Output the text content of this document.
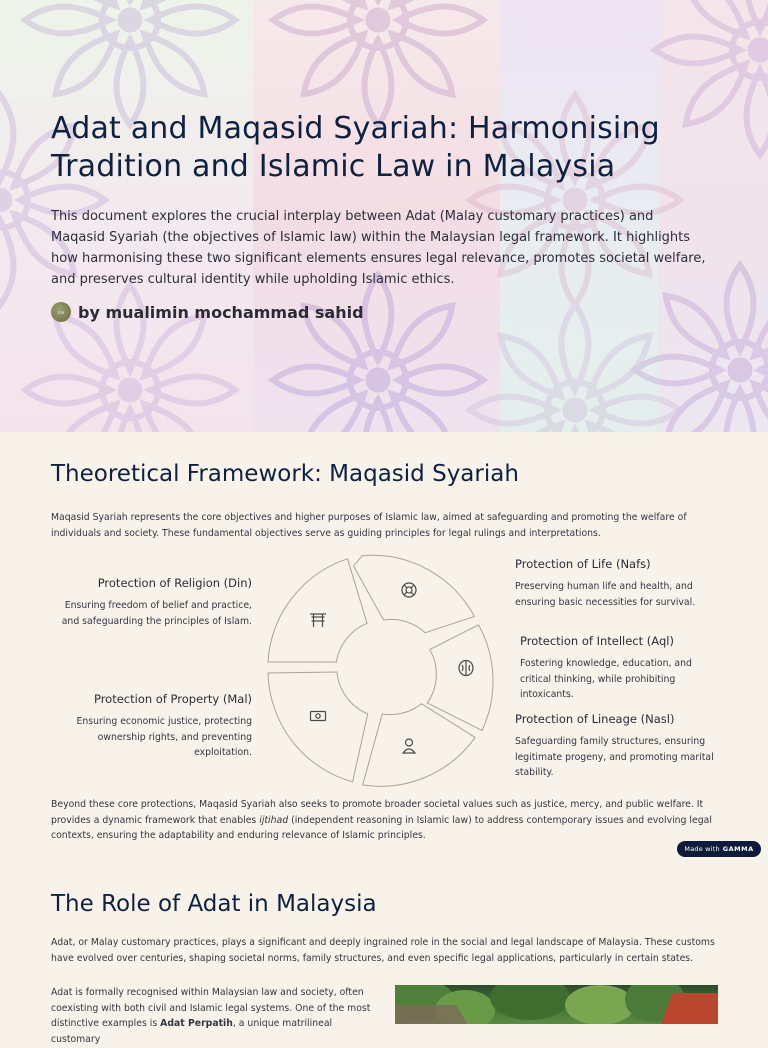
Adat and Maqasid Syariah: Harmonising Tradition and Islamic Law in Malaysia

This document explores the crucial interplay between Adat (Malay customary practices) and Maqasid Syariah (the objectives of Islamic law) within the Malaysian legal framework. It highlights how harmonising these two significant elements ensures legal relevance, promotes societal welfare, and preserves cultural identity while upholding Islamic ethics.

mo by mualimin mochammad sahid
Theoretical Framework: Maqasid Syariah

Maqasid Syariah represents the core objectives and higher purposes of Islamic law, aimed at safeguarding and promoting the welfare of individuals and society. These fundamental objectives serve as guiding principles for legal rulings and interpretations.

Protection of Religion (Din)

Ensuring freedom of belief and practice, and safeguarding the principles of Islam.

Protection of Property (Mal)

Ensuring economic justice, protecting ownership rights, and preventing exploitation.

Protection of Life (Nafs)

Preserving human life and health, and ensuring basic necessities for survival.

Protection of Intellect (Aql)

Fostering knowledge, education, and critical thinking, while prohibiting intoxicants.

Protection of Lineage (Nasl)

Safeguarding family structures, ensuring legitimate progeny, and promoting marital stability.

Beyond these core protections, Maqasid Syariah also seeks to promote broader societal values such as justice, mercy, and public welfare. It provides a dynamic framework that enables ijtihad (independent reasoning in Islamic law) to address contemporary issues and evolving legal contexts, ensuring the adaptability and enduring relevance of Islamic principles.

Made with GAMMA
The Role of Adat in Malaysia

Adat, or Malay customary practices, plays a significant and deeply ingrained role in the social and legal landscape of Malaysia. These customs have evolved over centuries, shaping societal norms, family structures, and even specific legal applications, particularly in certain states.

Adat is formally recognised within Malaysian law and society, often coexisting with both civil and Islamic legal systems. One of the most distinctive examples is Adat Perpatih, a unique matrilineal customary
